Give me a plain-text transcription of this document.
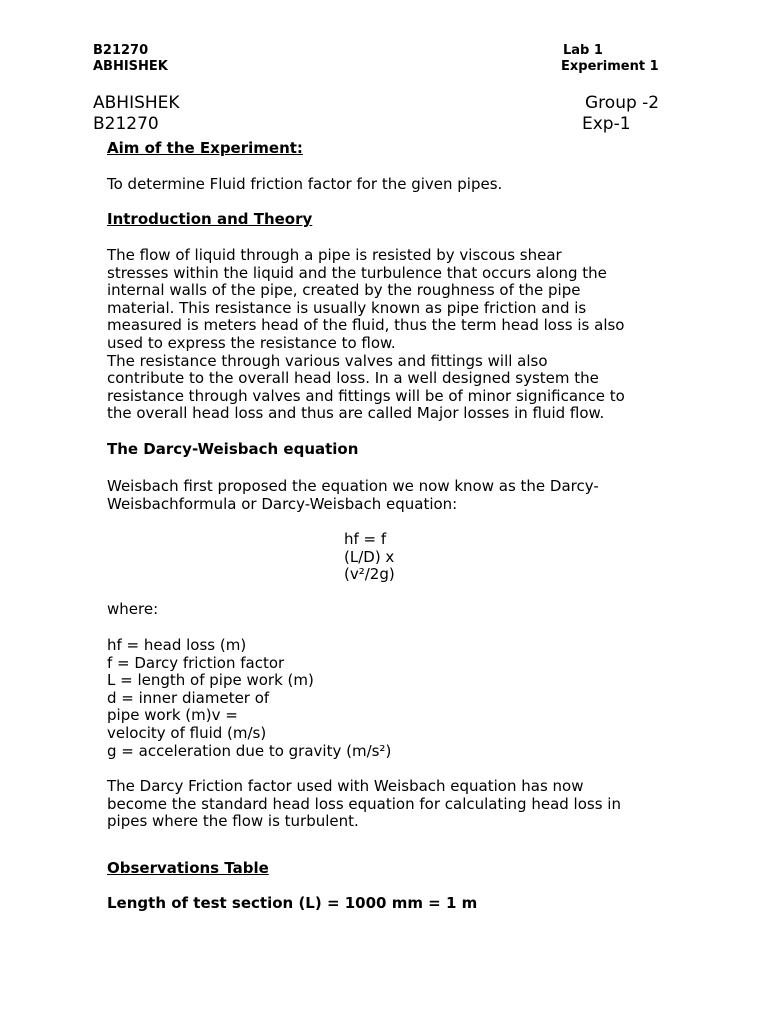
B21270
ABHISHEK
Lab 1
Experiment 1
ABHISHEK
B21270
Group -2
Exp-1
Aim of the Experiment:
To determine Fluid friction factor for the given pipes.
Introduction and Theory
The flow of liquid through a pipe is resisted by viscous shear
stresses within the liquid and the turbulence that occurs along the
internal walls of the pipe, created by the roughness of the pipe
material. This resistance is usually known as pipe friction and is
measured is meters head of the fluid, thus the term head loss is also
used to express the resistance to flow.
The resistance through various valves and fittings will also
contribute to the overall head loss. In a well designed system the
resistance through valves and fittings will be of minor significance to
the overall head loss and thus are called Major losses in fluid flow.
The Darcy-Weisbach equation
Weisbach first proposed the equation we now know as the Darcy-
Weisbachformula or Darcy-Weisbach equation:
hf = f
(L/D) x
(v²/2g)
where:
hf = head loss (m)
f = Darcy friction factor
L = length of pipe work (m)
d = inner diameter of
pipe work (m)v =
velocity of fluid (m/s)
g = acceleration due to gravity (m/s²)
The Darcy Friction factor used with Weisbach equation has now
become the standard head loss equation for calculating head loss in
pipes where the flow is turbulent.
Observations Table
Length of test section (L) = 1000 mm = 1 m
